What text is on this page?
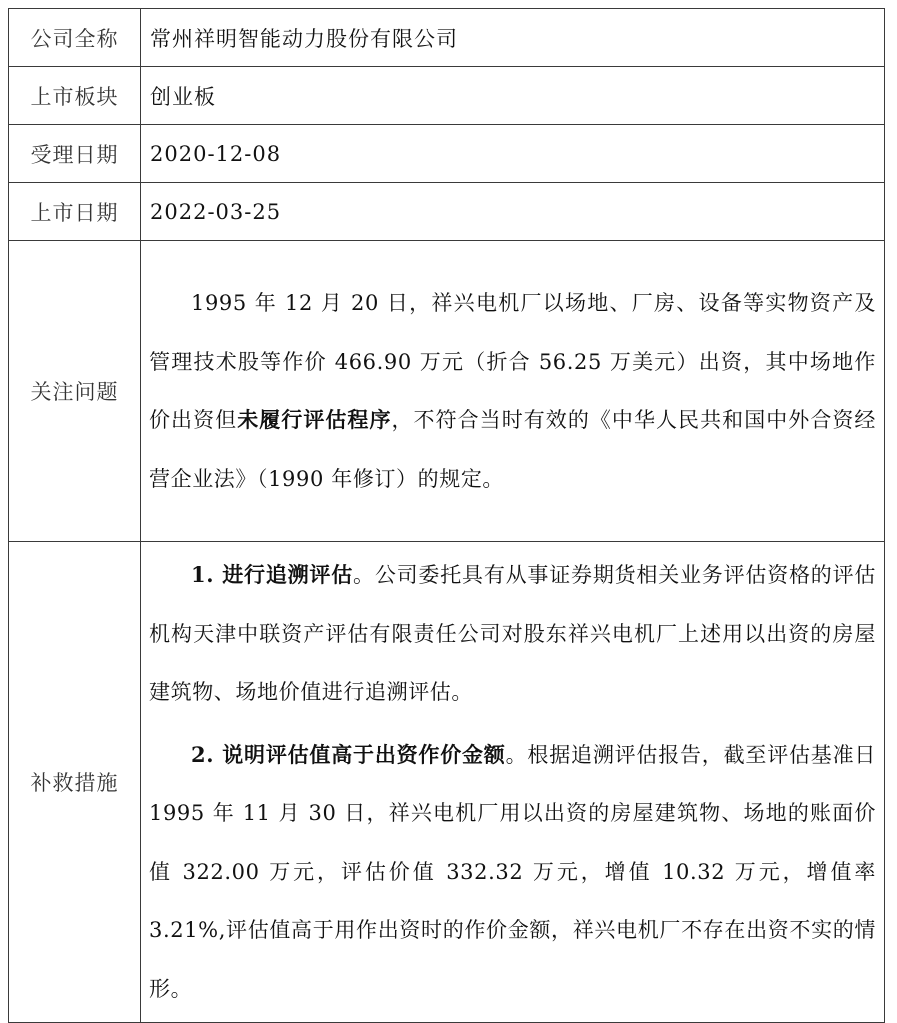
公司全称	常州祥明智能动力股份有限公司
上市板块	创业板
受理日期	2020-12-08
上市日期	2022-03-25
关注问题	1995 年 12 月 20 日，祥兴电机厂以场地、厂房、设备等实物资产及管理技术股等作价 466.90 万元（折合 56.25 万美元）出资，其中场地作价出资但未履行评估程序，不符合当时有效的《中华人民共和国中外合资经营企业法》（1990 年修订）的规定。

补救措施	1. 进行追溯评估。公司委托具有从事证券期货相关业务评估资格的评估机构天津中联资产评估有限责任公司对股东祥兴电机厂上述用以出资的房屋建筑物、场地价值进行追溯评估。

2. 说明评估值高于出资作价金额。根据追溯评估报告，截至评估基准日 1995 年 11 月 30 日，祥兴电机厂用以出资的房屋建筑物、场地的账面价值 322.00 万元，评估价值 332.32 万元，增值 10.32 万元，增值率 3.21%,评估值高于用作出资时的作价金额，祥兴电机厂不存在出资不实的情形。
